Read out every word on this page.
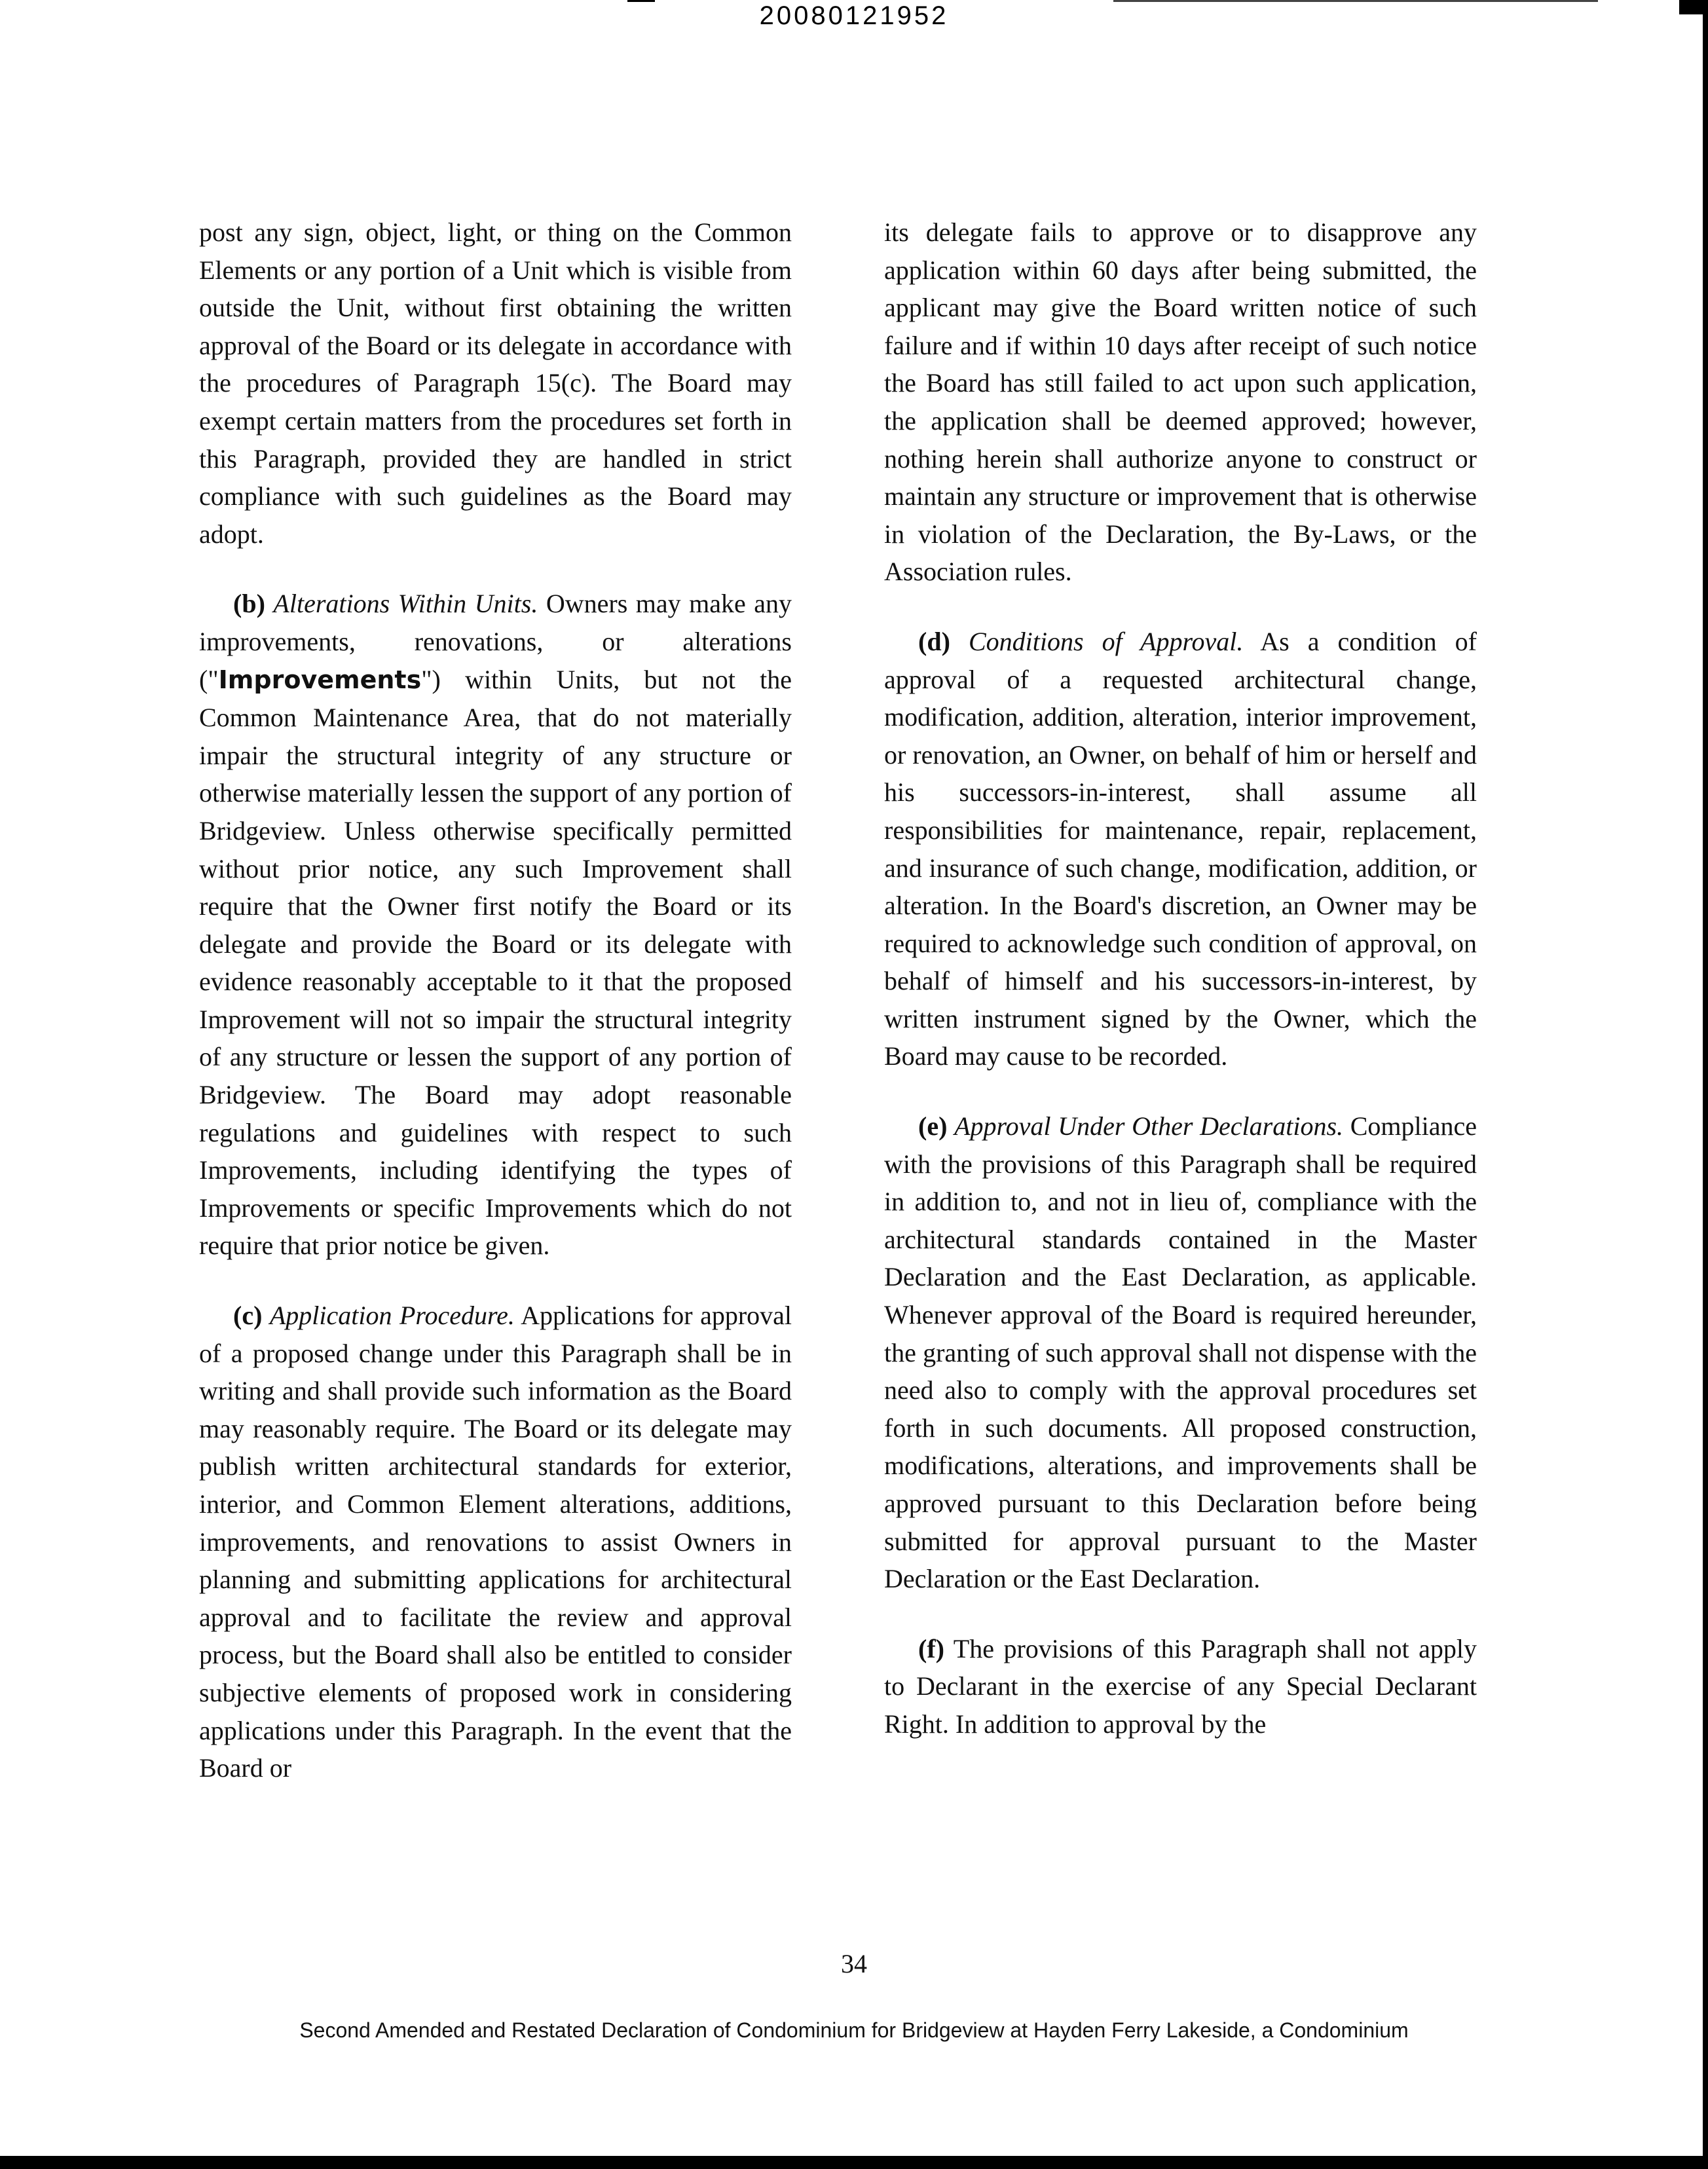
20080121952

post any sign, object, light, or thing on the Common Elements or any portion of a Unit which is visible from outside the Unit, without first obtaining the written approval of the Board or its delegate in accordance with the procedures of Paragraph 15(c). The Board may exempt certain matters from the procedures set forth in this Paragraph, provided they are handled in strict compliance with such guidelines as the Board may adopt.

(b) Alterations Within Units. Owners may make any improvements, renovations, or alterations ("Improvements") within Units, but not the Common Maintenance Area, that do not materially impair the structural integrity of any structure or otherwise materially lessen the support of any portion of Bridgeview. Unless otherwise specifically permitted without prior notice, any such Improvement shall require that the Owner first notify the Board or its delegate and provide the Board or its delegate with evidence reasonably acceptable to it that the proposed Improvement will not so impair the structural integrity of any structure or lessen the support of any portion of Bridgeview. The Board may adopt reasonable regulations and guidelines with respect to such Improvements, including identifying the types of Improvements or specific Improvements which do not require that prior notice be given.

(c) Application Procedure. Applications for approval of a proposed change under this Paragraph shall be in writing and shall provide such information as the Board may reasonably require. The Board or its delegate may publish written architectural standards for exterior, interior, and Common Element alterations, additions, improvements, and renovations to assist Owners in planning and submitting applications for architectural approval and to facilitate the review and approval process, but the Board shall also be entitled to consider subjective elements of proposed work in considering applications under this Paragraph. In the event that the Board or

its delegate fails to approve or to disapprove any application within 60 days after being submitted, the applicant may give the Board written notice of such failure and if within 10 days after receipt of such notice the Board has still failed to act upon such application, the application shall be deemed approved; however, nothing herein shall authorize anyone to construct or maintain any structure or improvement that is otherwise in violation of the Declaration, the By-Laws, or the Association rules.

(d) Conditions of Approval. As a condition of approval of a requested architectural change, modification, addition, alteration, interior improvement, or renovation, an Owner, on behalf of him or herself and his successors-in-interest, shall assume all responsibilities for maintenance, repair, replacement, and insurance of such change, modification, addition, or alteration. In the Board's discretion, an Owner may be required to acknowledge such condition of approval, on behalf of himself and his successors-in-interest, by written instrument signed by the Owner, which the Board may cause to be recorded.

(e) Approval Under Other Declarations. Compliance with the provisions of this Paragraph shall be required in addition to, and not in lieu of, compliance with the architectural standards contained in the Master Declaration and the East Declaration, as applicable. Whenever approval of the Board is required hereunder, the granting of such approval shall not dispense with the need also to comply with the approval procedures set forth in such documents. All proposed construction, modifications, alterations, and improvements shall be approved pursuant to this Declaration before being submitted for approval pursuant to the Master Declaration or the East Declaration.

(f) The provisions of this Paragraph shall not apply to Declarant in the exercise of any Special Declarant Right. In addition to approval by the

34
Second Amended and Restated Declaration of Condominium for Bridgeview at Hayden Ferry Lakeside, a Condominium
